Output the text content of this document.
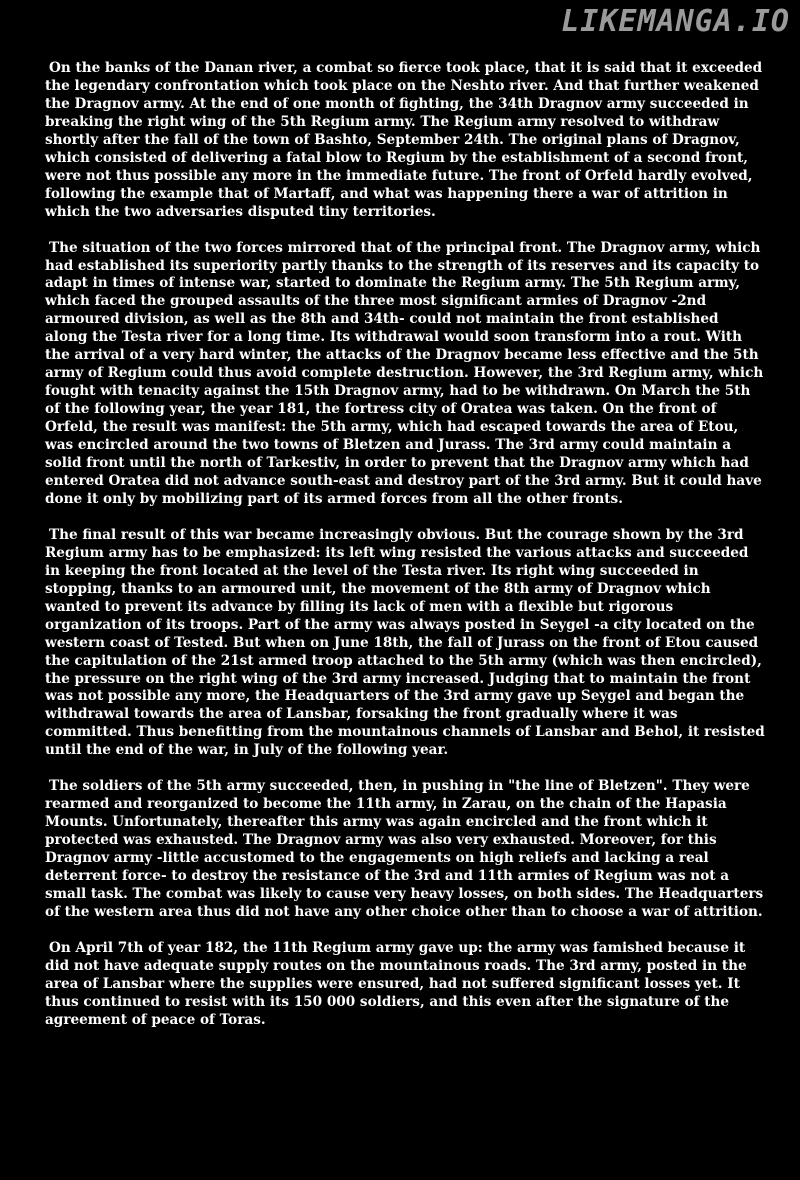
LIKEMANGA.IO

On the banks of the Danan river, a combat so fierce took place, that it is said that it exceeded the legendary confrontation which took place on the Neshto river. And that further weakened the Dragnov army. At the end of one month of fighting, the 34th Dragnov army succeeded in breaking the right wing of the 5th Regium army. The Regium army resolved to withdraw shortly after the fall of the town of Bashto, September 24th. The original plans of Dragnov, which consisted of delivering a fatal blow to Regium by the establishment of a second front, were not thus possible any more in the immediate future. The front of Orfeld hardly evolved, following the example that of Martaff, and what was happening there a war of attrition in which the two adversaries disputed tiny territories.

The situation of the two forces mirrored that of the principal front. The Dragnov army, which had established its superiority partly thanks to the strength of its reserves and its capacity to adapt in times of intense war, started to dominate the Regium army. The 5th Regium army, which faced the grouped assaults of the three most significant armies of Dragnov -2nd armoured division, as well as the 8th and 34th- could not maintain the front established along the Testa river for a long time. Its withdrawal would soon transform into a rout. With the arrival of a very hard winter, the attacks of the Dragnov became less effective and the 5th army of Regium could thus avoid complete destruction. However, the 3rd Regium army, which fought with tenacity against the 15th Dragnov army, had to be withdrawn. On March the 5th of the following year, the year 181, the fortress city of Oratea was taken. On the front of Orfeld, the result was manifest: the 5th army, which had escaped towards the area of Etou, was encircled around the two towns of Bletzen and Jurass. The 3rd army could maintain a solid front until the north of Tarkestiv, in order to prevent that the Dragnov army which had entered Oratea did not advance south-east and destroy part of the 3rd army. But it could have done it only by mobilizing part of its armed forces from all the other fronts.

The final result of this war became increasingly obvious. But the courage shown by the 3rd Regium army has to be emphasized: its left wing resisted the various attacks and succeeded in keeping the front located at the level of the Testa river. Its right wing succeeded in stopping, thanks to an armoured unit, the movement of the 8th army of Dragnov which wanted to prevent its advance by filling its lack of men with a flexible but rigorous organization of its troops. Part of the army was always posted in Seygel -a city located on the western coast of Tested. But when on June 18th, the fall of Jurass on the front of Etou caused the capitulation of the 21st armed troop attached to the 5th army (which was then encircled), the pressure on the right wing of the 3rd army increased. Judging that to maintain the front was not possible any more, the Headquarters of the 3rd army gave up Seygel and began the withdrawal towards the area of Lansbar, forsaking the front gradually where it was committed. Thus benefitting from the mountainous channels of Lansbar and Behol, it resisted until the end of the war, in July of the following year.

The soldiers of the 5th army succeeded, then, in pushing in "the line of Bletzen". They were rearmed and reorganized to become the 11th army, in Zarau, on the chain of the Hapasia Mounts. Unfortunately, thereafter this army was again encircled and the front which it protected was exhausted. The Dragnov army was also very exhausted. Moreover, for this Dragnov army -little accustomed to the engagements on high reliefs and lacking a real deterrent force- to destroy the resistance of the 3rd and 11th armies of Regium was not a small task. The combat was likely to cause very heavy losses, on both sides. The Headquarters of the western area thus did not have any other choice other than to choose a war of attrition.

On April 7th of year 182, the 11th Regium army gave up: the army was famished because it did not have adequate supply routes on the mountainous roads. The 3rd army, posted in the area of Lansbar where the supplies were ensured, had not suffered significant losses yet. It thus continued to resist with its 150 000 soldiers, and this even after the signature of the agreement of peace of Toras.
